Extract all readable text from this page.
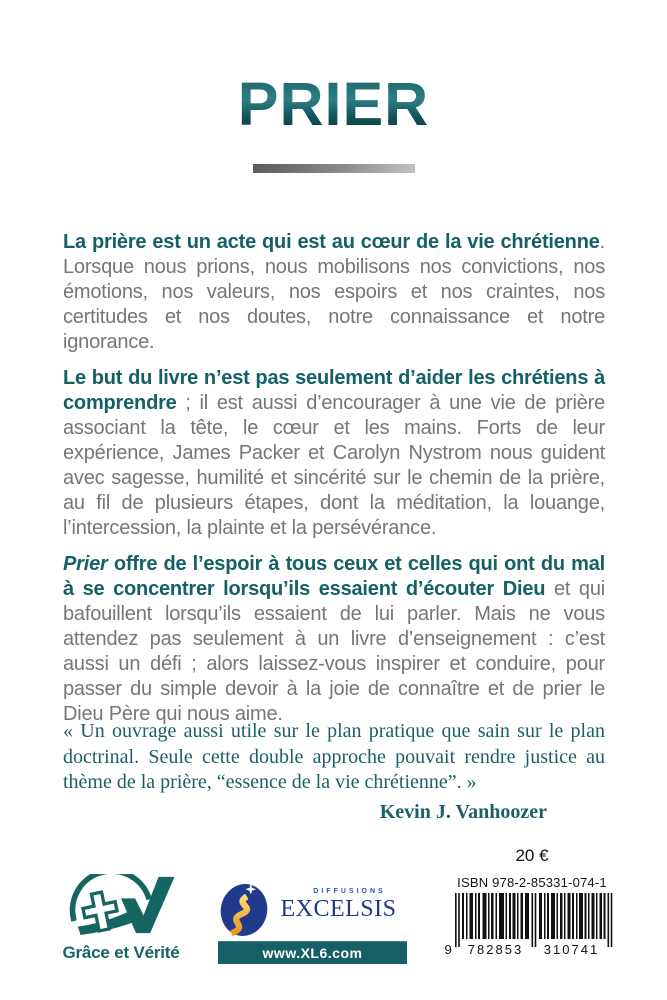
PRIER

La prière est un acte qui est au cœur de la vie chrétienne. Lorsque nous prions, nous mobilisons nos convictions, nos émotions, nos valeurs, nos espoirs et nos craintes, nos certitudes et nos doutes, notre connaissance et notre ignorance.

Le but du livre n’est pas seulement d’aider les chrétiens à comprendre ; il est aussi d’encourager à une vie de prière associant la tête, le cœur et les mains. Forts de leur expérience, James Packer et Carolyn Nystrom nous guident avec sagesse, humilité et sincérité sur le chemin de la prière, au fil de plusieurs étapes, dont la méditation, la louange, l’intercession, la plainte et la persévérance.

Prier offre de l’espoir à tous ceux et celles qui ont du mal à se concentrer lorsqu’ils essaient d’écouter Dieu et qui bafouillent lorsqu’ils essaient de lui parler. Mais ne vous attendez pas seulement à un livre d’enseignement : c’est aussi un défi ; alors laissez-vous inspirer et conduire, pour passer du simple devoir à la joie de connaître et de prier le Dieu Père qui nous aime.

« Un ouvrage aussi utile sur le plan pratique que sain sur le plan doctrinal. Seule cette double approche pouvait rendre justice au thème de la prière, “essence de la vie chrétienne”. »
Kevin J. Vanhoozer
20 €
ISBN 978-2-85331-074-1
9	782853	310741
Grâce et Vérité
DIFFUSIONS
EXCELSIS
www.XL6.com
